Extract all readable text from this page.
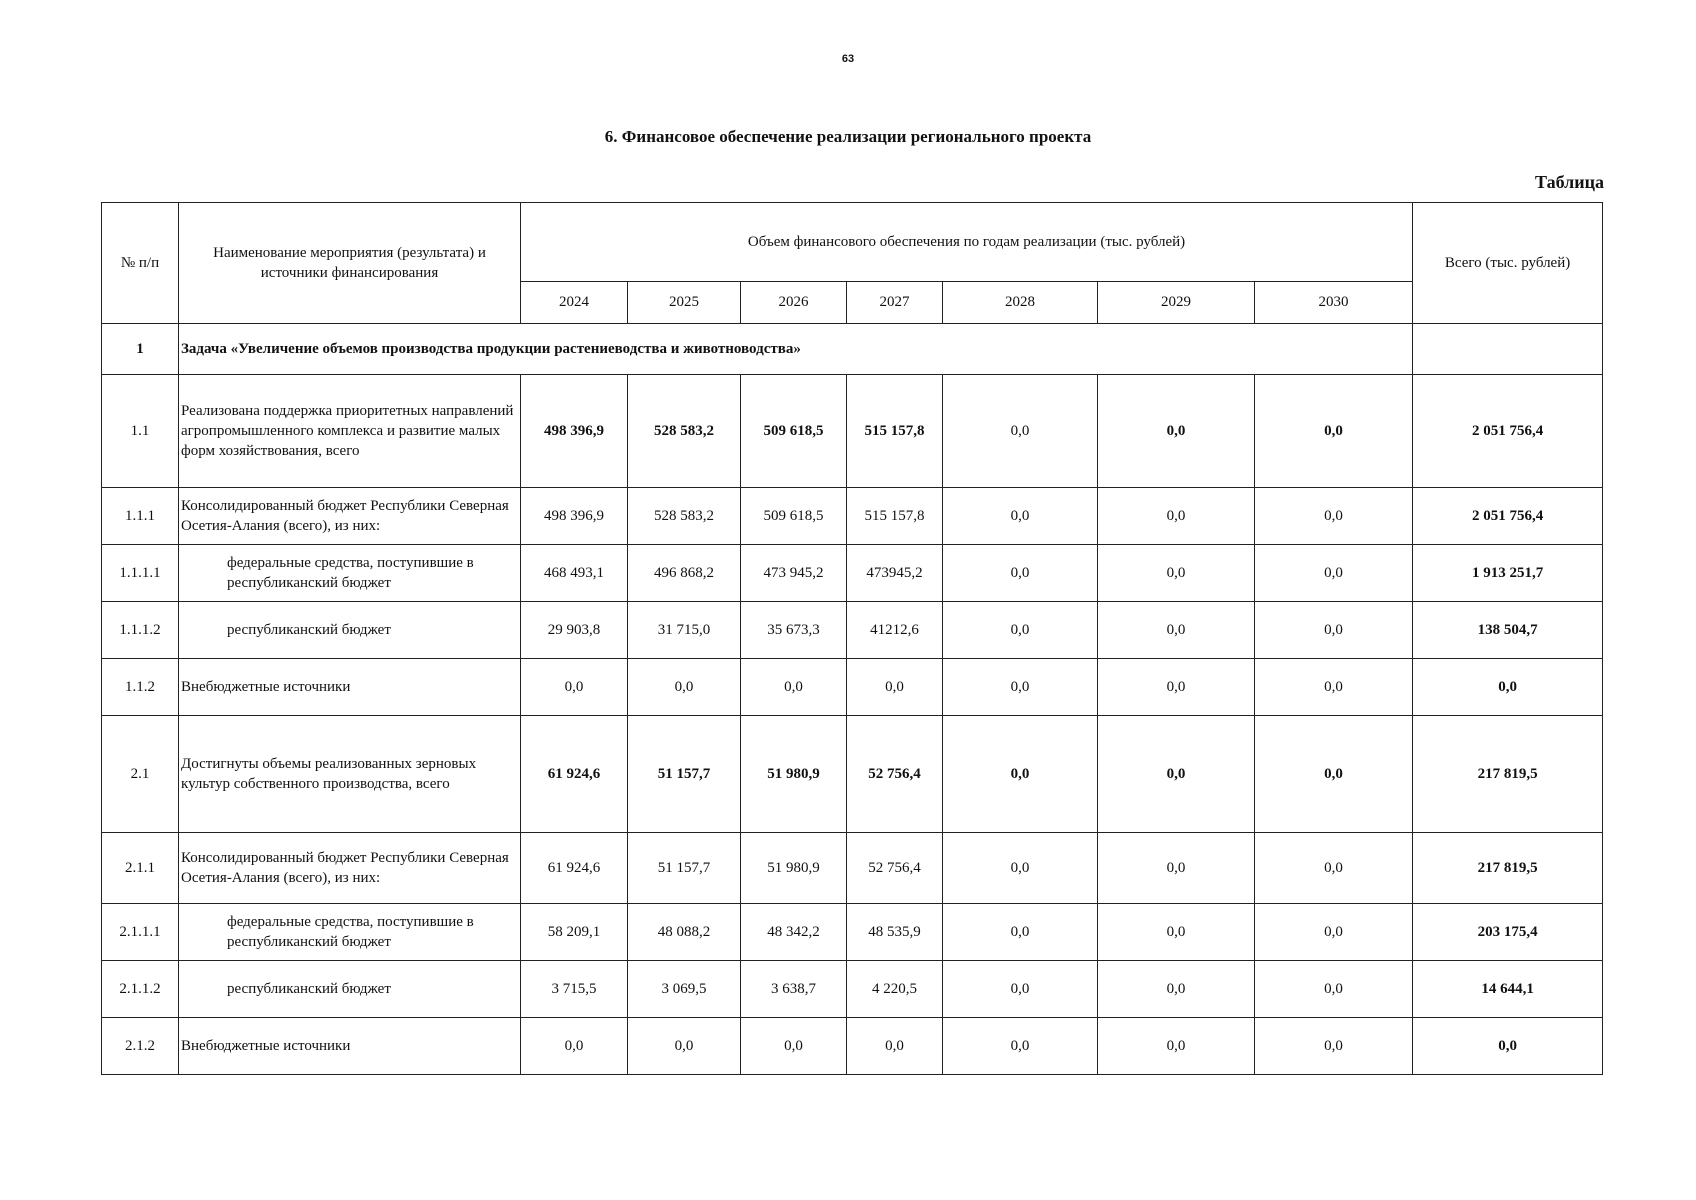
63
6. Финансовое обеспечение реализации регионального проекта
Таблица
№ п/п	Наименование мероприятия (результата) и источники финансирования	Объем финансового обеспечения по годам реализации (тыс. рублей)							Всего (тыс. рублей)
		2024	2025	2026	2027	2028	2029	2030	
1	Задача «Увеличение объемов производства продукции растениеводства и животноводства»								
1.1	Реализована поддержка приоритетных направлений агропромышленного комплекса и развитие малых форм хозяйствования, всего	498 396,9	528 583,2	509 618,5	515 157,8	0,0	0,0	0,0	2 051 756,4
1.1.1	Консолидированный бюджет Республики Северная Осетия-Алания (всего), из них:	498 396,9	528 583,2	509 618,5	515 157,8	0,0	0,0	0,0	2 051 756,4
1.1.1.1	федеральные средства, поступившие в республиканский бюджет	468 493,1	496 868,2	473 945,2	473945,2	0,0	0,0	0,0	1 913 251,7
1.1.1.2	республиканский бюджет	29 903,8	31 715,0	35 673,3	41212,6	0,0	0,0	0,0	138 504,7
1.1.2	Внебюджетные источники	0,0	0,0	0,0	0,0	0,0	0,0	0,0	0,0
2.1	Достигнуты объемы реализованных зерновых культур собственного производства, всего	61 924,6	51 157,7	51 980,9	52 756,4	0,0	0,0	0,0	217 819,5
2.1.1	Консолидированный бюджет Республики Северная Осетия-Алания (всего), из них:	61 924,6	51 157,7	51 980,9	52 756,4	0,0	0,0	0,0	217 819,5
2.1.1.1	федеральные средства, поступившие в республиканский бюджет	58 209,1	48 088,2	48 342,2	48 535,9	0,0	0,0	0,0	203 175,4
2.1.1.2	республиканский бюджет	3 715,5	3 069,5	3 638,7	4 220,5	0,0	0,0	0,0	14 644,1
2.1.2	Внебюджетные источники	0,0	0,0	0,0	0,0	0,0	0,0	0,0	0,0
